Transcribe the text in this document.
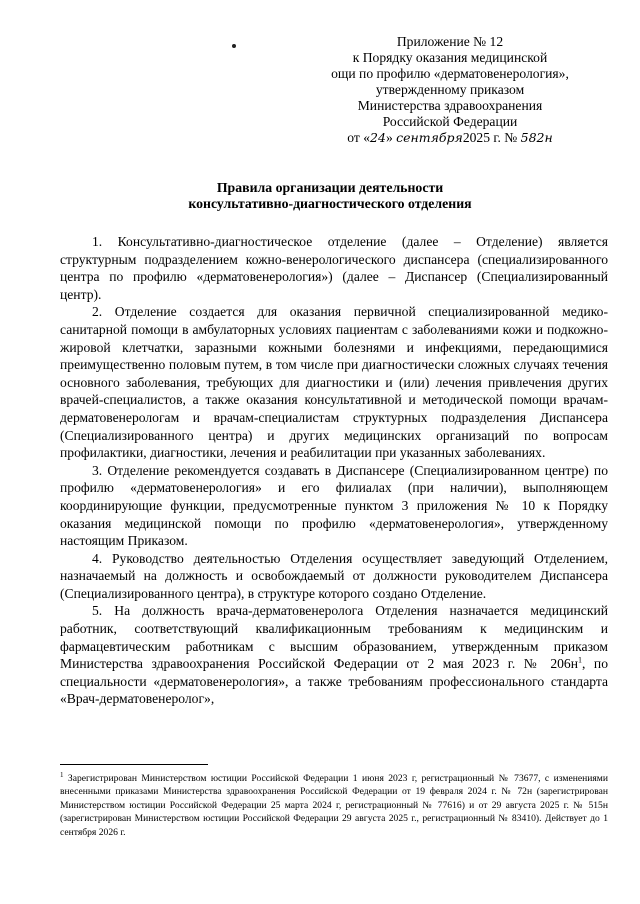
Приложение № 12
к Порядку оказания медицинской
ощи по профилю «дерматовенерология»,
утвержденному приказом
Министерства здравоохранения
Российской Федерации
от «24» сентября2025 г. № 582н
Правила организации деятельности
консультативно-диагностического отделения

1. Консультативно-диагностическое отделение (далее – Отделение) является структурным подразделением кожно-венерологического диспансера (специализированного центра по профилю «дерматовенерология») (далее – Диспансер (Специализированный центр).

2. Отделение создается для оказания первичной специализированной медико-санитарной помощи в амбулаторных условиях пациентам с заболеваниями кожи и подкожно-жировой клетчатки, заразными кожными болезнями и инфекциями, передающимися преимущественно половым путем, в том числе при диагностически сложных случаях течения основного заболевания, требующих для диагностики и (или) лечения привлечения других врачей-специалистов, а также оказания консультативной и методической помощи врачам-дерматовенерологам и врачам-специалистам структурных подразделения Диспансера (Специализированного центра) и других медицинских организаций по вопросам профилактики, диагностики, лечения и реабилитации при указанных заболеваниях.

3. Отделение рекомендуется создавать в Диспансере (Специализированном центре) по профилю «дерматовенерология» и его филиалах (при наличии), выполняющем координирующие функции, предусмотренные пунктом 3 приложения № 10 к Порядку оказания медицинской помощи по профилю «дерматовенерология», утвержденному настоящим Приказом.

4. Руководство деятельностью Отделения осуществляет заведующий Отделением, назначаемый на должность и освобождаемый от должности руководителем Диспансера (Специализированного центра), в структуре которого создано Отделение.

5. На должность врача-дерматовенеролога Отделения назначается медицинский работник, соответствующий квалификационным требованиям к медицинским и фармацевтическим работникам с высшим образованием, утвержденным приказом Министерства здравоохранения Российской Федерации от 2 мая 2023 г. № $206н^1$, по специальности «дерматовенерология», а также требованиям профессионального стандарта «Врач-дерматовенеролог»,

$^1$ Зарегистрирован Министерством юстиции Российской Федерации 1 июня 2023 г, регистрационный № 73677, с изменениями внесенными приказами Министерства здравоохранения Российской Федерации от 19 февраля 2024 г. № 72н (зарегистрирован Министерством юстиции Российской Федерации 25 марта 2024 г, регистрационный № 77616) и от 29 августа 2025 г. № 515н (зарегистрирован Министерством юстиции Российской Федерации 29 августа 2025 г., регистрационный № 83410). Действует до 1 сентября 2026 г.
